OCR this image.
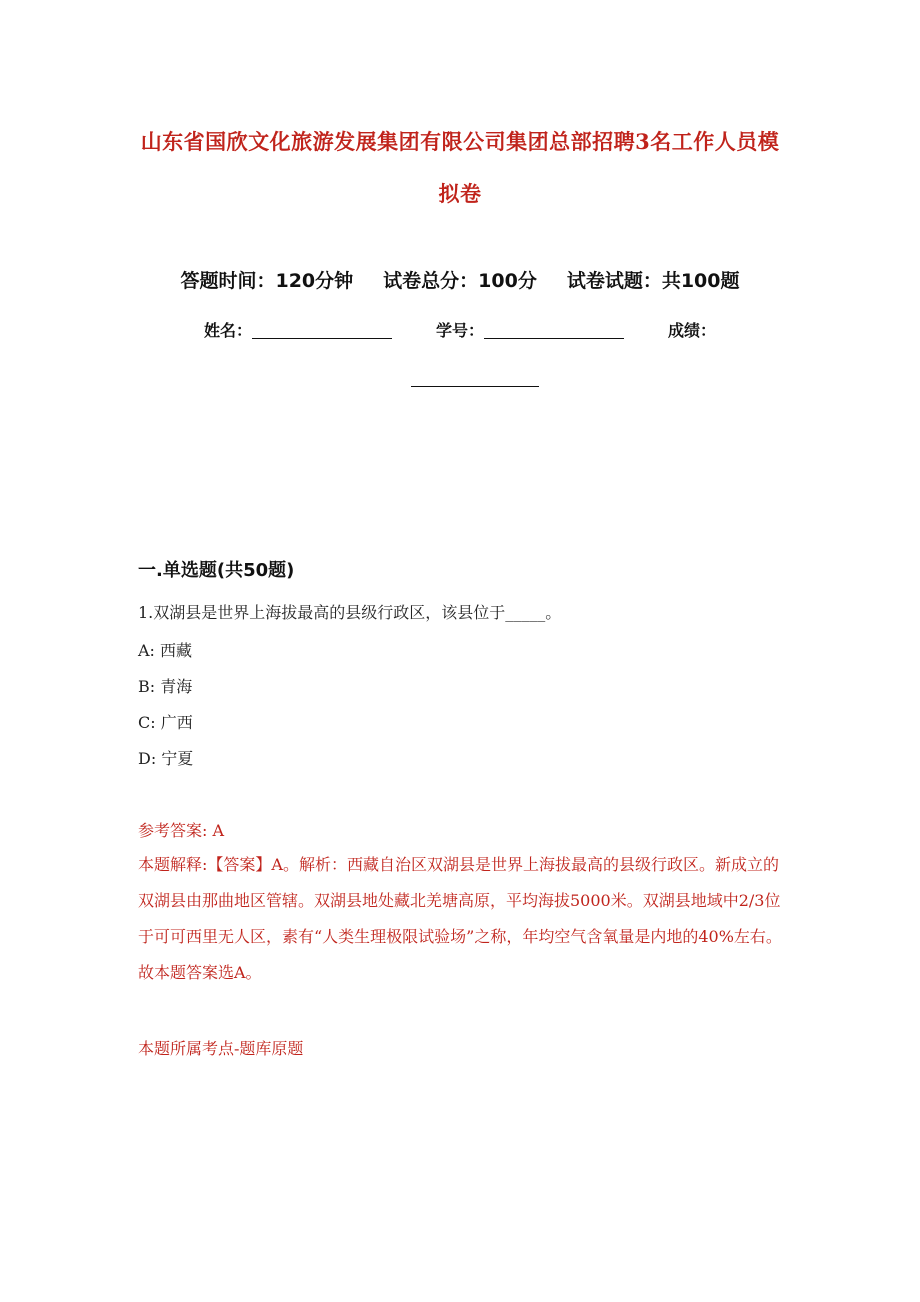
山东省国欣文化旅游发展集团有限公司集团总部招聘3名工作人员模拟卷
答题时间：120分钟 试卷总分：100分 试卷试题：共100题
姓名：	学号：	成绩：
一.单选题(共50题)
1.双湖县是世界上海拔最高的县级行政区，该县位于_____。
A: 西藏
B: 青海
C: 广西
D: 宁夏
参考答案: A
本题解释:【答案】A。解析：西藏自治区双湖县是世界上海拔最高的县级行政区。新成立的双湖县由那曲地区管辖。双湖县地处藏北羌塘高原，平均海拔5000米。双湖县地域中2/3位于可可西里无人区，素有“人类生理极限试验场”之称，年均空气含氧量是内地的40%左右。故本题答案选A。
本题所属考点-题库原题
